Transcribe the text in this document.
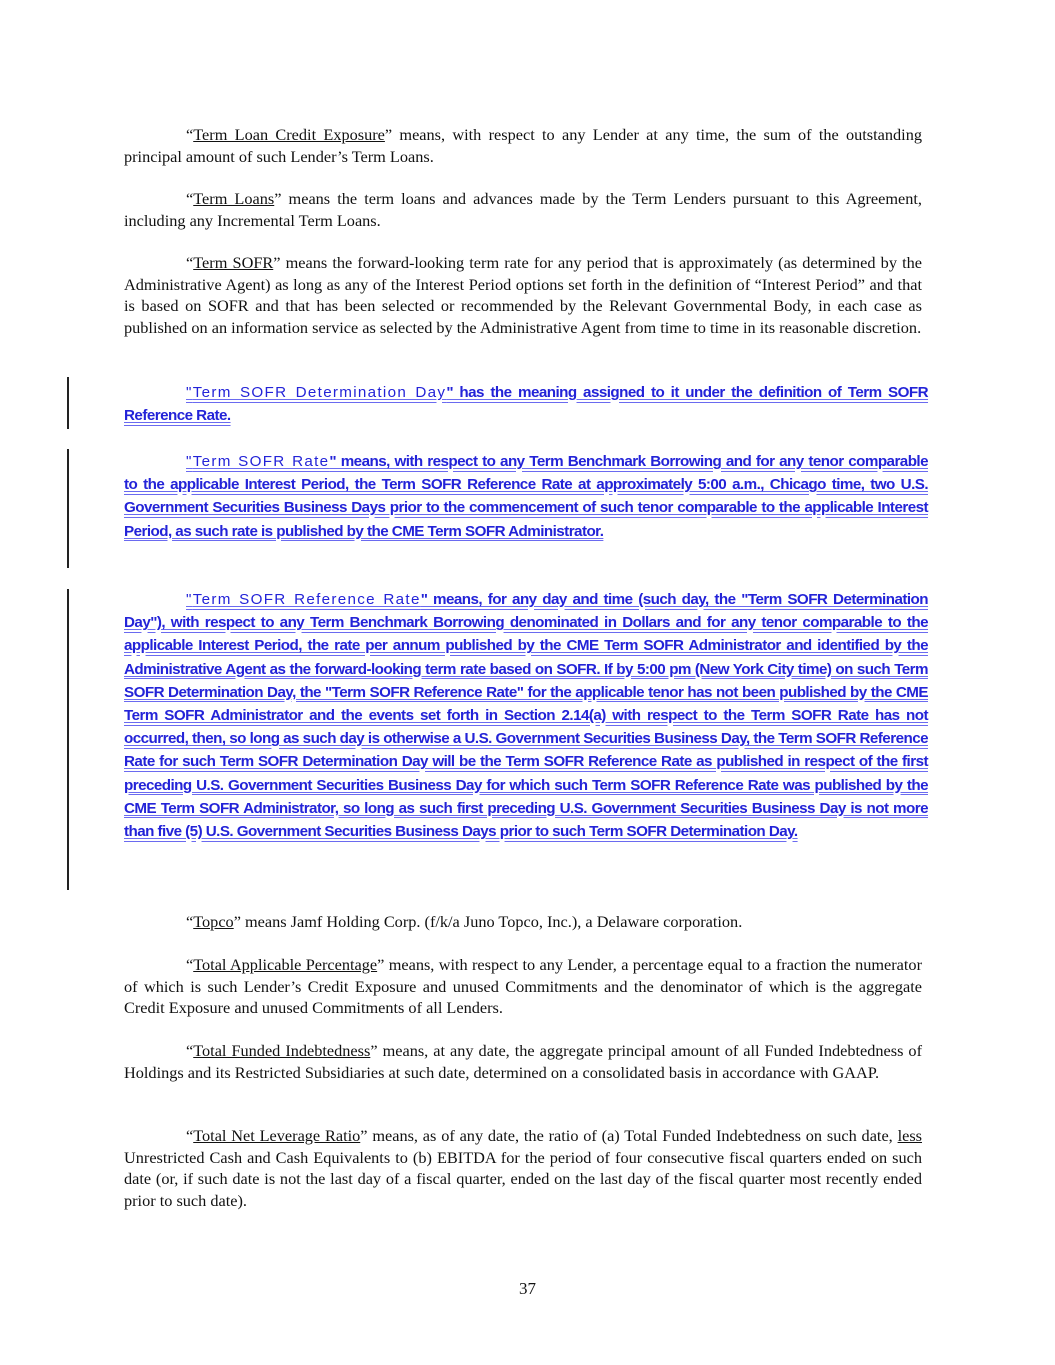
“Term Loan Credit Exposure” means, with respect to any Lender at any time, the sum of the outstanding principal amount of such Lender’s Term Loans.

“Term Loans” means the term loans and advances made by the Term Lenders pursuant to this Agreement, including any Incremental Term Loans.

“Term SOFR” means the forward-looking term rate for any period that is approximately (as determined by the Administrative Agent) as long as any of the Interest Period options set forth in the definition of “Interest Period” and that is based on SOFR and that has been selected or recommended by the Relevant Governmental Body, in each case as published on an information service as selected by the Administrative Agent from time to time in its reasonable discretion.

"Term SOFR Determination Day" has the meaning assigned to it under the definition of Term SOFR Reference Rate.

"Term SOFR Rate" means, with respect to any Term Benchmark Borrowing and for any tenor comparable to the applicable Interest Period, the Term SOFR Reference Rate at approximately 5:00 a.m., Chicago time, two U.S. Government Securities Business Days prior to the commencement of such tenor comparable to the applicable Interest Period, as such rate is published by the CME Term SOFR Administrator.

"Term SOFR Reference Rate" means, for any day and time (such day, the "Term SOFR Determination Day"), with respect to any Term Benchmark Borrowing denominated in Dollars and for any tenor comparable to the applicable Interest Period, the rate per annum published by the CME Term SOFR Administrator and identified by the Administrative Agent as the forward-looking term rate based on SOFR. If by 5:00 pm (New York City time) on such Term SOFR Determination Day, the "Term SOFR Reference Rate" for the applicable tenor has not been published by the CME Term SOFR Administrator and the events set forth in Section 2.14(a) with respect to the Term SOFR Rate has not occurred, then, so long as such day is otherwise a U.S. Government Securities Business Day, the Term SOFR Reference Rate for such Term SOFR Determination Day will be the Term SOFR Reference Rate as published in respect of the first preceding U.S. Government Securities Business Day for which such Term SOFR Reference Rate was published by the CME Term SOFR Administrator, so long as such first preceding U.S. Government Securities Business Day is not more than five (5) U.S. Government Securities Business Days prior to such Term SOFR Determination Day.

“Topco” means Jamf Holding Corp. (f/k/a Juno Topco, Inc.), a Delaware corporation.

“Total Applicable Percentage” means, with respect to any Lender, a percentage equal to a fraction the numerator of which is such Lender’s Credit Exposure and unused Commitments and the denominator of which is the aggregate Credit Exposure and unused Commitments of all Lenders.

“Total Funded Indebtedness” means, at any date, the aggregate principal amount of all Funded Indebtedness of Holdings and its Restricted Subsidiaries at such date, determined on a consolidated basis in accordance with GAAP.

“Total Net Leverage Ratio” means, as of any date, the ratio of (a) Total Funded Indebtedness on such date, less Unrestricted Cash and Cash Equivalents to (b) EBITDA for the period of four consecutive fiscal quarters ended on such date (or, if such date is not the last day of a fiscal quarter, ended on the last day of the fiscal quarter most recently ended prior to such date).

37
